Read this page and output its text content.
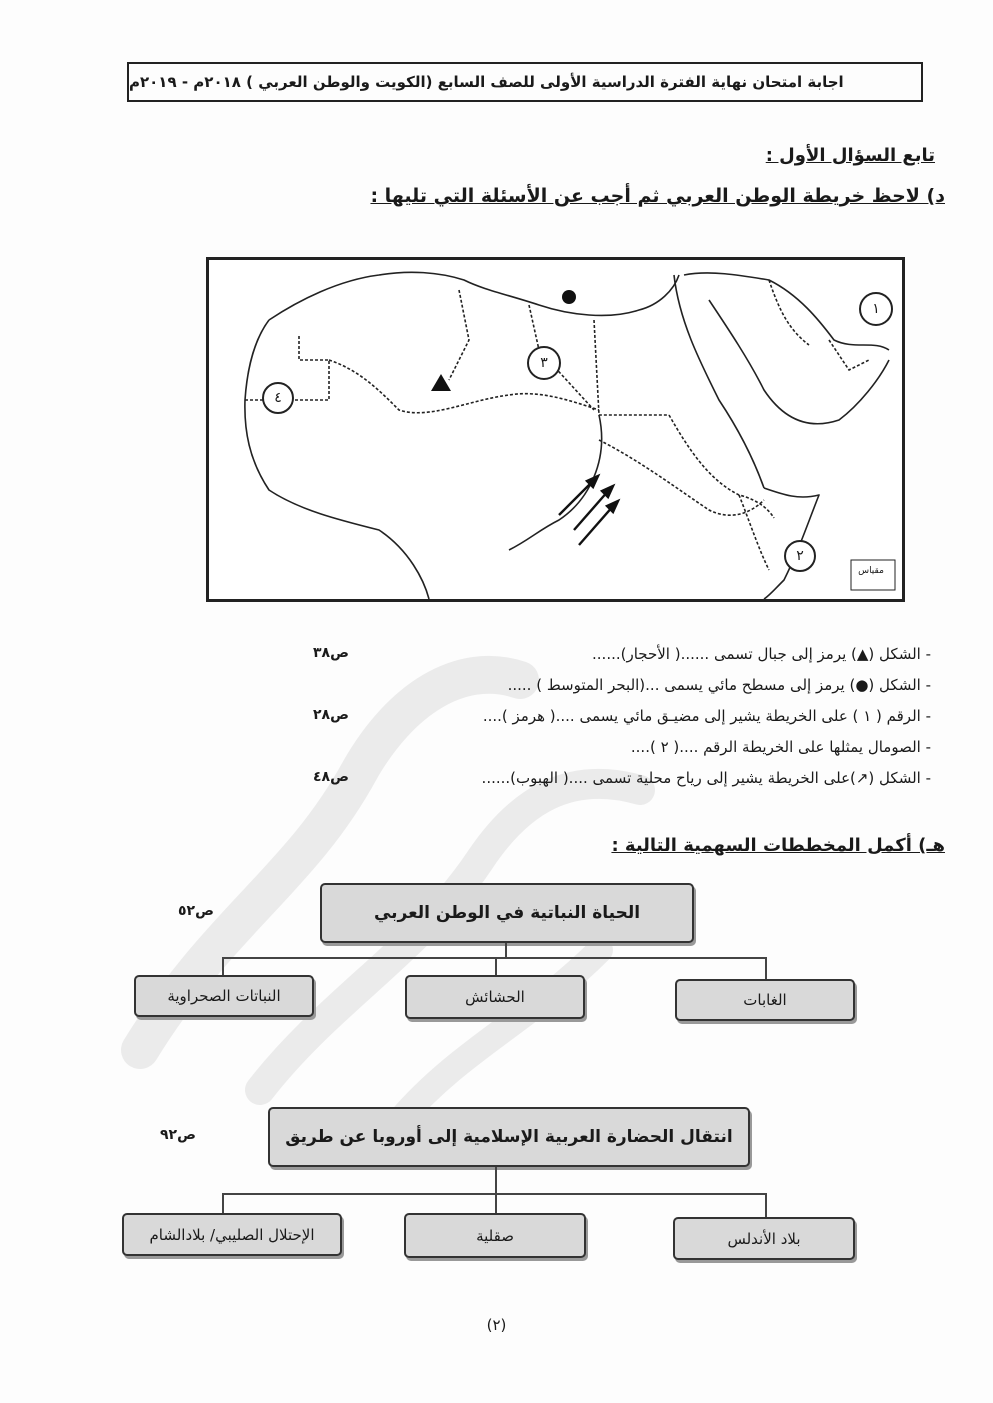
اجابة امتحان نهاية الفترة الدراسية الأولى للصف السابع (الكويت والوطن العربي ) ٢٠١٨م - ٢٠١٩م
تابع السؤال الأول :
د) لاحظ خريطة الوطن العربي ثم أجب عن الأسئلة التي تليها :
١
٢
٣
٤
مقياس
- الشكل (▲) يرمز إلى جبال تسمى ......( الأحجار)......
ص٣٨
- الشكل (●) يرمز إلى مسطح مائي يسمى ...(البحر المتوسط ) .....
- الرقم ( ١ ) على الخريطة يشير إلى مضيـق مائي يسمى ....( هرمز )....
ص٢٨
- الصومال يمثلها على الخريطة الرقم ....( ٢ )....
- الشكل (↗)على الخريطة يشير إلى رياح محلية تسمى ....( الهبوب)......
ص٤٨
هـ) أكمل المخططات السهمية التالية :
الحياة النباتية في الوطن العربي
ص٥٢
الغابات
الحشائش
النباتات الصحراوية
انتقال الحضارة العربية الإسلامية إلى أوروبا عن طريق
ص٩٢
بلاد الأندلس
صقلية
الإحتلال الصليبي/ بلادالشام
(٢)
